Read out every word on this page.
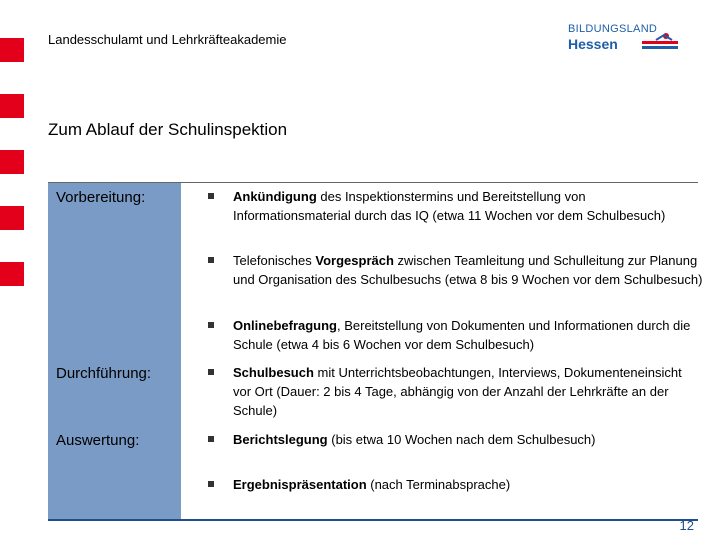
Landesschulamt und Lehrkräfteakademie
BILDUNGSLAND
Hessen
Zum Ablauf der Schulinspektion
Vorbereitung:
Durchführung:
Auswertung:
Ankündigung des Inspektionstermins und Bereitstellung von Informationsmaterial durch das IQ (etwa 11 Wochen vor dem Schulbesuch)
Telefonisches Vorgespräch zwischen Teamleitung und Schulleitung zur Planung und Organisation des Schulbesuchs (etwa 8 bis 9 Wochen vor dem Schulbesuch)
Onlinebefragung, Bereitstellung von Dokumenten und Informationen durch die Schule (etwa 4 bis 6 Wochen vor dem Schulbesuch)
Schulbesuch mit Unterrichtsbeobachtungen, Interviews, Dokumenteneinsicht vor Ort (Dauer: 2 bis 4 Tage, abhängig von der Anzahl der Lehrkräfte an der Schule)
Berichtslegung (bis etwa 10 Wochen nach dem Schulbesuch)
Ergebnispräsentation (nach Terminabsprache)
12
